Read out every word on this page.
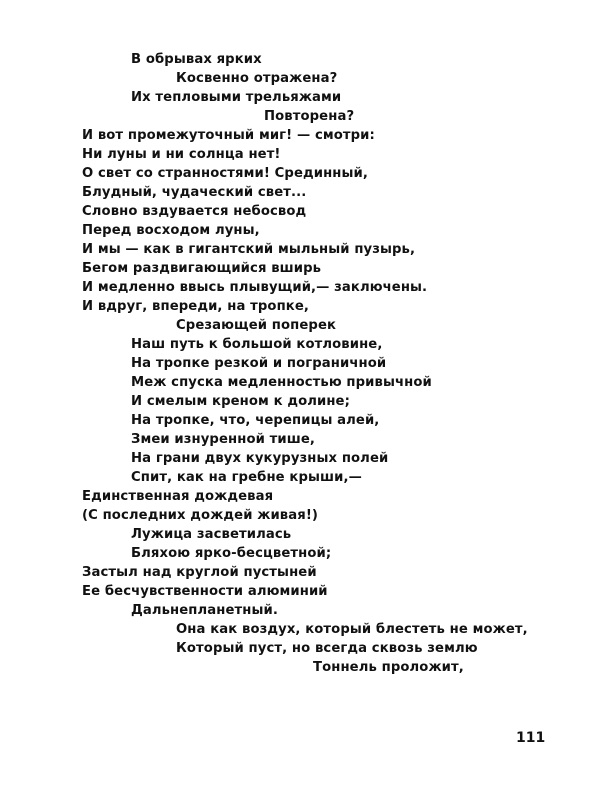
В обрывах ярких
Косвенно отражена?
Их тепловыми трельяжами
Повторена?
И вот промежуточный миг! — смотри:
Ни луны и ни солнца нет!
О свет со странностями! Срединный,
Блудный, чудаческий свет...
Словно вздувается небосвод
Перед восходом луны,
И мы — как в гигантский мыльный пузырь,
Бегом раздвигающийся вширь
И медленно ввысь плывущий,— заключены.
И вдруг, впереди, на тропке,
Срезающей поперек
Наш путь к большой котловине,
На тропке резкой и пограничной
Меж спуска медленностью привычной
И смелым креном к долине;
На тропке, что, черепицы алей,
Змеи изнуренной тише,
На грани двух кукурузных полей
Спит, как на гребне крыши,—
Единственная дождевая
(С последних дождей живая!)
Лужица засветилась
Бляхою ярко-бесцветной;
Застыл над круглой пустыней
Ее бесчувственности алюминий
Дальнепланетный.
Она как воздух, который блестеть не может,
Который пуст, но всегда сквозь землю
Тоннель проложит,
111
